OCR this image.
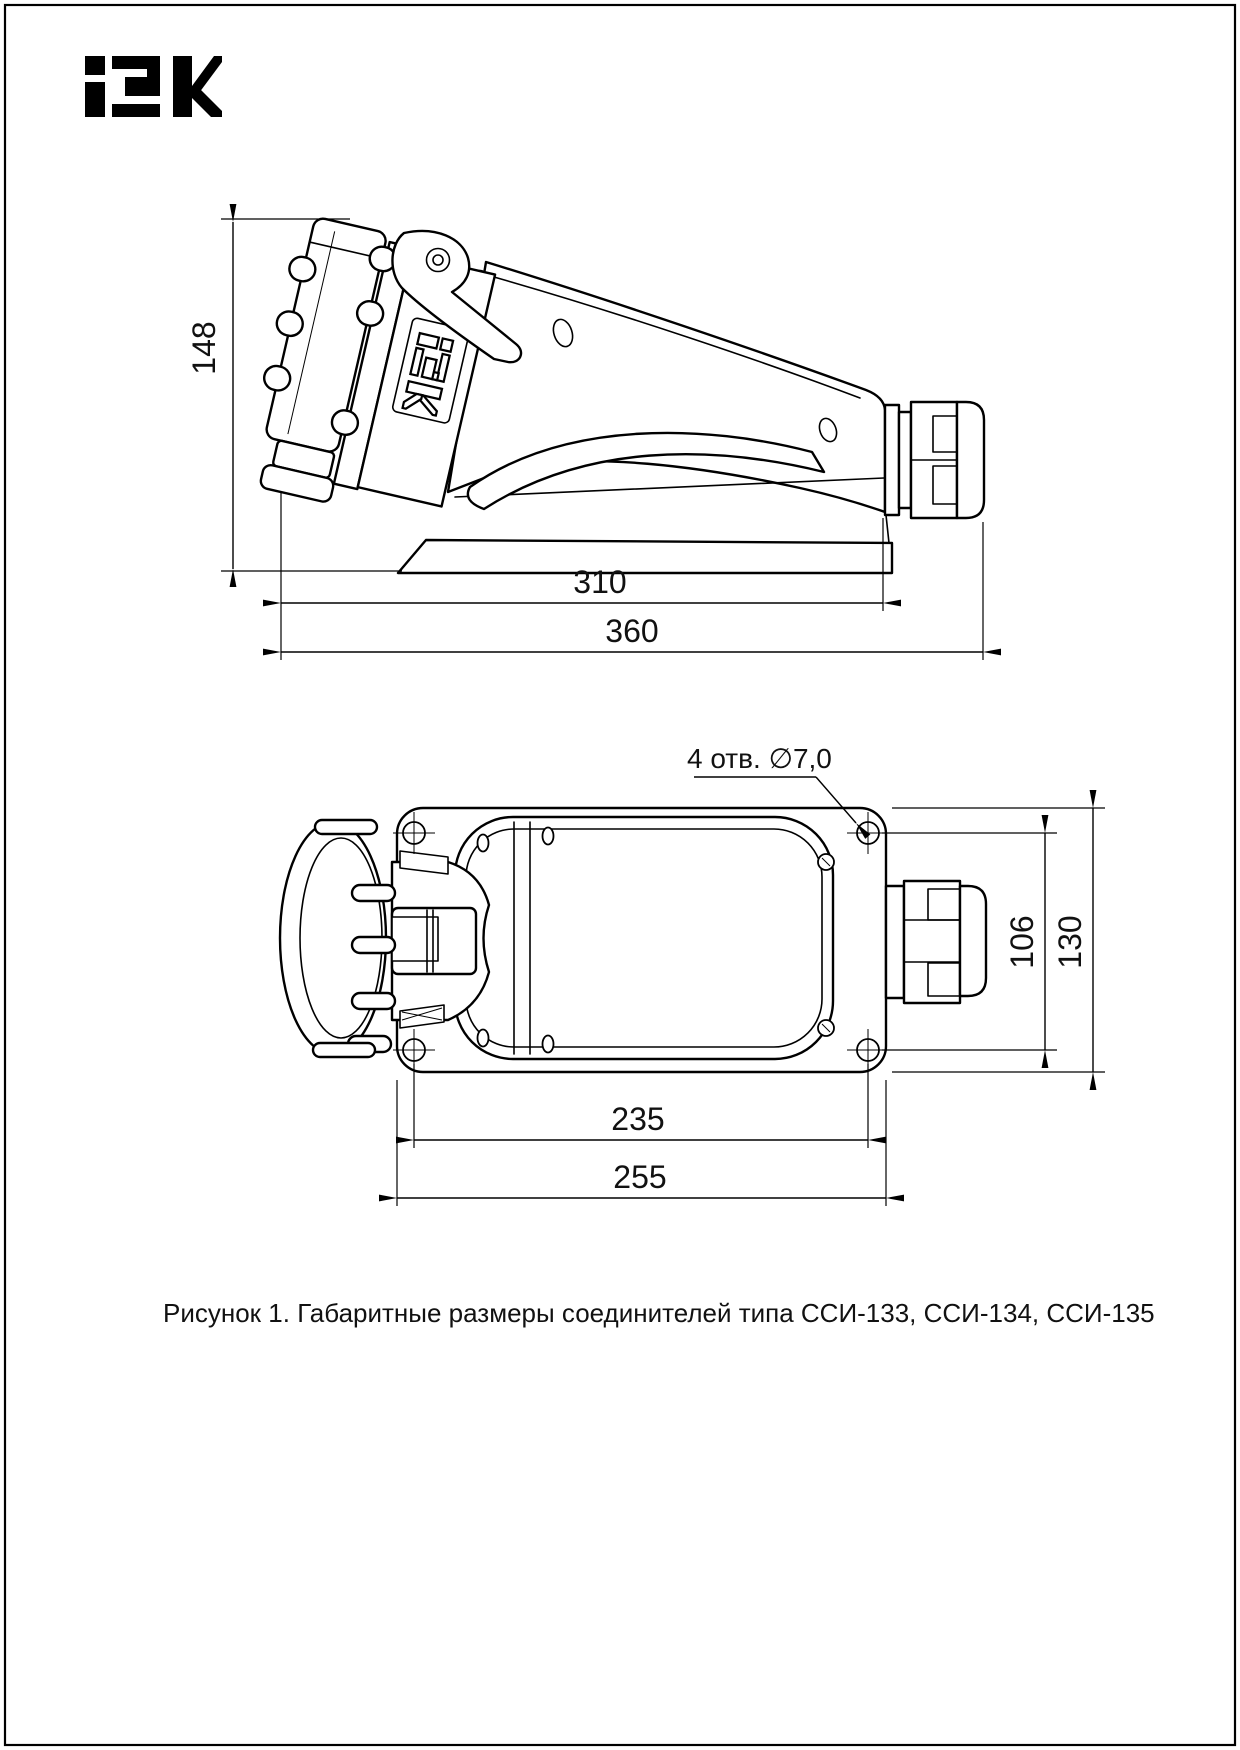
148
310
360
4 отв. ∅7,0
106 130
235
255
Рисунок 1. Габаритные размеры соединителей типа ССИ-133, ССИ-134, ССИ-135
